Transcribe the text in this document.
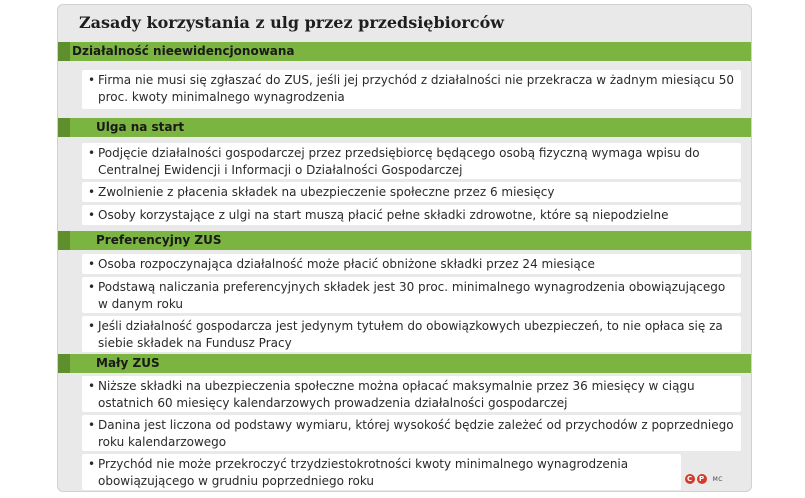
Zasady korzystania z ulg przez przedsiębiorców
Działalność nieewidencjonowana
• Firma nie musi się zgłaszać do ZUS, jeśli jej przychód z działalności nie przekracza w żadnym miesiącu 50 proc. kwoty minimalnego wynagrodzenia
Ulga na start
• Podjęcie działalności gospodarczej przez przedsiębiorcę będącego osobą fizyczną wymaga wpisu do Centralnej Ewidencji i Informacji o Działalności Gospodarczej
• Zwolnienie z płacenia składek na ubezpieczenie społeczne przez 6 miesięcy
• Osoby korzystające z ulgi na start muszą płacić pełne składki zdrowotne, które są niepodzielne
Preferencyjny ZUS
• Osoba rozpoczynająca działalność może płacić obniżone składki przez 24 miesiące
• Podstawą naliczania preferencyjnych składek jest 30 proc. minimalnego wynagrodzenia obowiązującego w danym roku
• Jeśli działalność gospodarcza jest jedynym tytułem do obowiązkowych ubezpieczeń, to nie opłaca się za siebie składek na Fundusz Pracy
Mały ZUS
• Niższe składki na ubezpieczenia społeczne można opłacać maksymalnie przez 36 miesięcy w ciągu ostatnich 60 miesięcy kalendarzowych prowadzenia działalności gospodarczej
• Danina jest liczona od podstawy wymiaru, której wysokość będzie zależeć od przychodów z poprzedniego roku kalendarzowego
• Przychód nie może przekroczyć trzydziestokrotności kwoty minimalnego wynagrodzenia obowiązującego w grudniu poprzedniego roku	C P	MC
